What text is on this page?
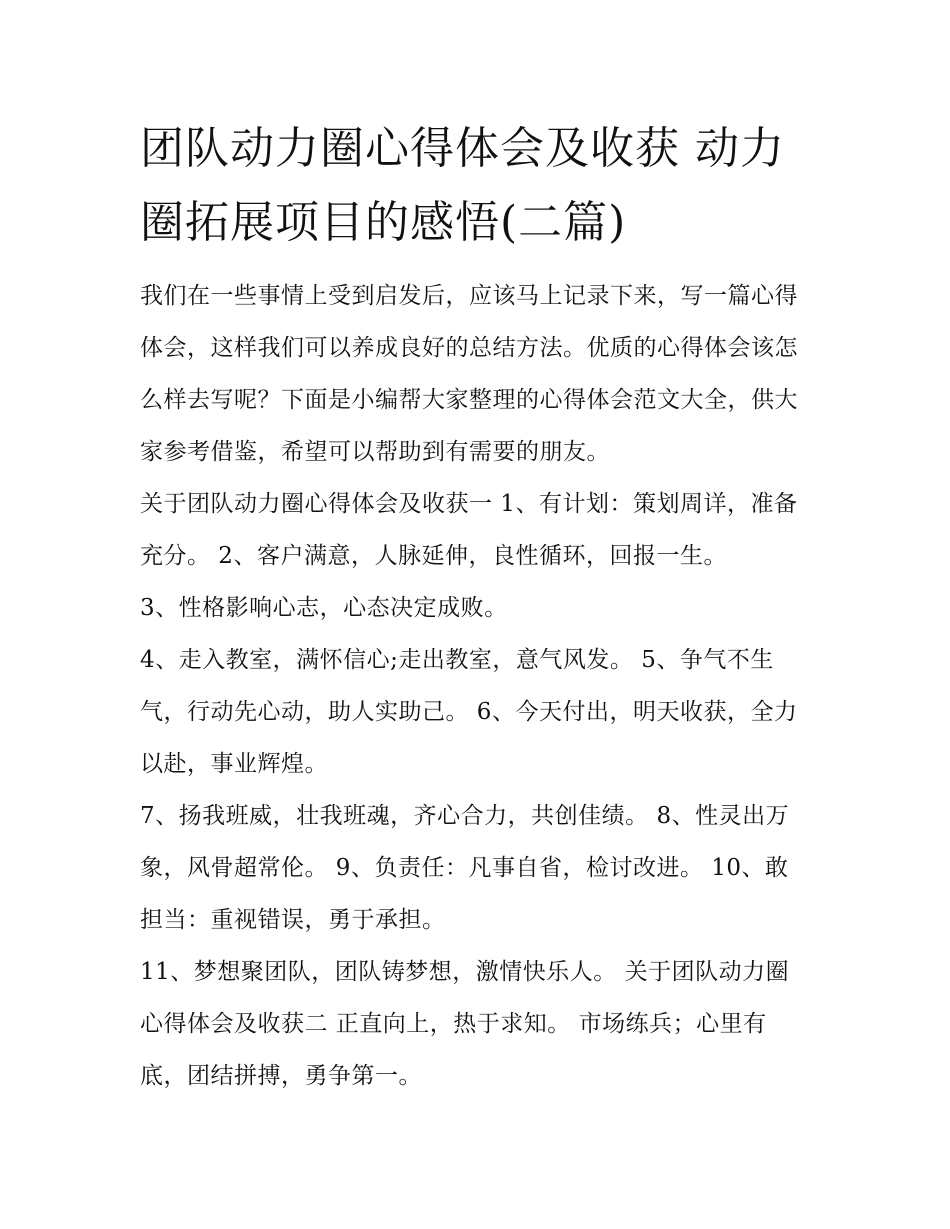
团队动力圈心得体会及收获 动力圈拓展项目的感悟(二篇)

我们在一些事情上受到启发后，应该马上记录下来，写一篇心得体会，这样我们可以养成良好的总结方法。优质的心得体会该怎么样去写呢？下面是小编帮大家整理的心得体会范文大全，供大家参考借鉴，希望可以帮助到有需要的朋友。

关于团队动力圈心得体会及收获一 1、有计划：策划周详，准备充分。 2、客户满意，人脉延伸，良性循环，回报一生。

3、性格影响心志，心态决定成败。

4、走入教室，满怀信心;走出教室，意气风发。 5、争气不生气，行动先心动，助人实助己。 6、今天付出，明天收获，全力以赴，事业辉煌。

7、扬我班威，壮我班魂，齐心合力，共创佳绩。 8、性灵出万象，风骨超常伦。 9、负责任：凡事自省，检讨改进。 10、敢担当：重视错误，勇于承担。

11、梦想聚团队，团队铸梦想，激情快乐人。 关于团队动力圈心得体会及收获二 正直向上，热于求知。 市场练兵；心里有底，团结拼搏，勇争第一。
